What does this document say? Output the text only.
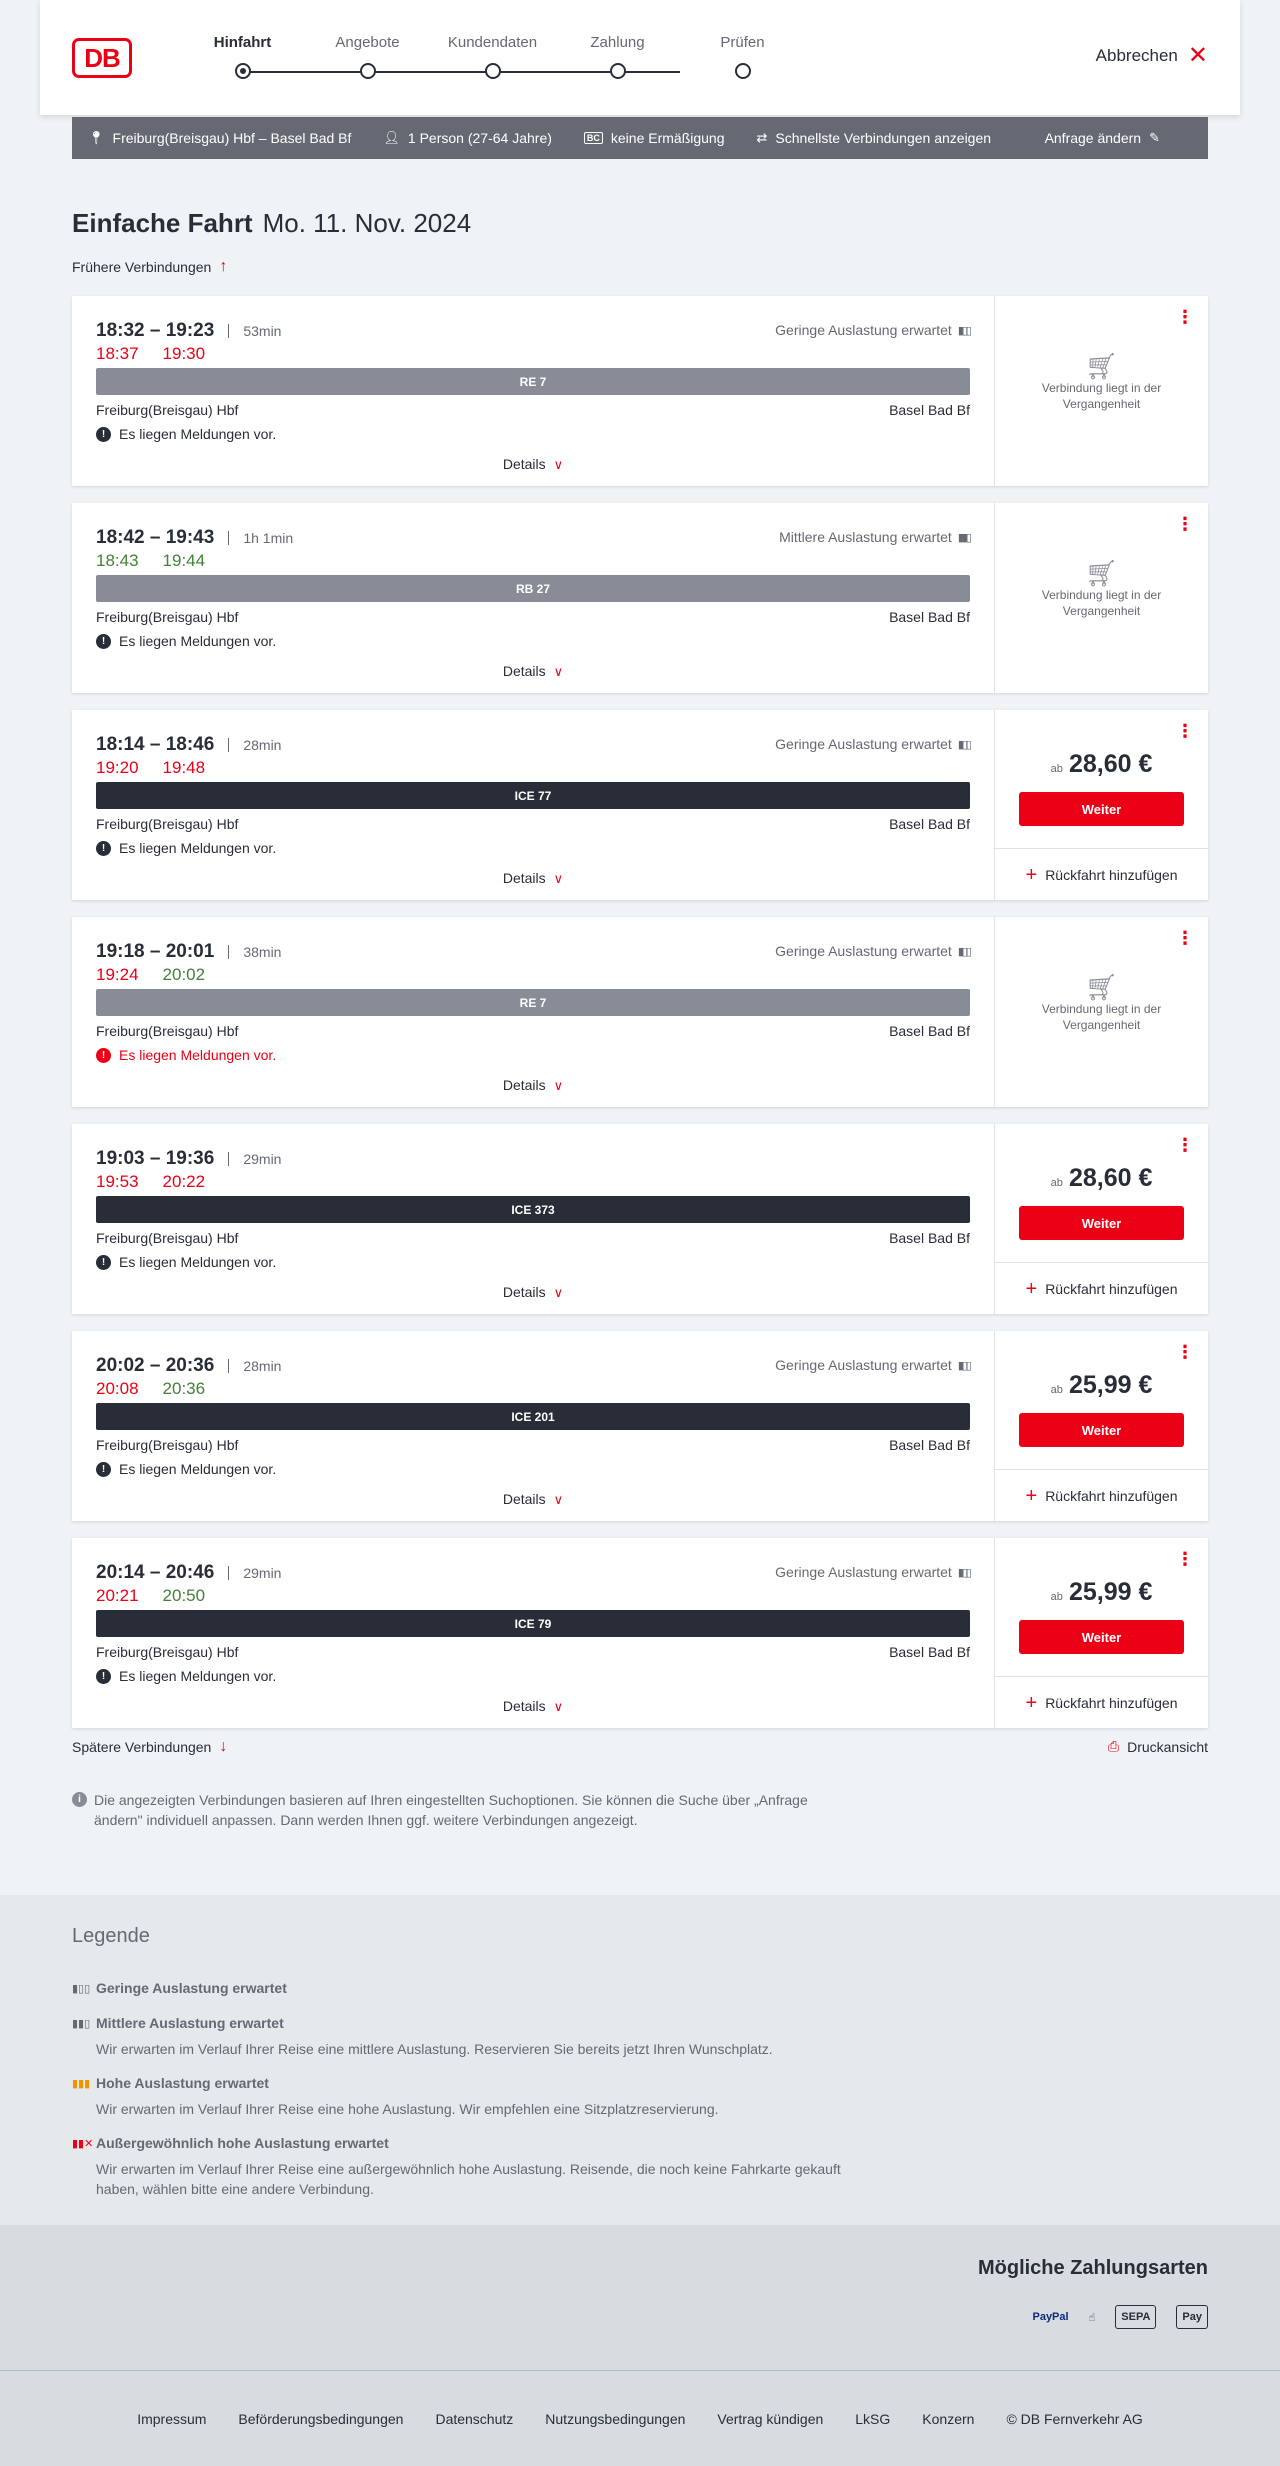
DB	Hinfahrt	Angebote	Kundendaten	Zahlung	Prüfen
Abbrechen ✕
📍︎ Freiburg(Breisgau) Hbf – Basel Bad Bf 👤︎ 1 Person (27-64 Jahre)	BC keine Ermäßigung ⇄ Schnellste Verbindungen anzeigen	Anfrage ändern ✎
Einfache Fahrt Mo. 11. Nov. 2024
Frühere Verbindungen ↑
18:32 – 19:23	53min
18:37 19:30
Geringe Auslastung erwartet ▮▯▯
RE 7
Freiburg(Breisgau) Hbf	Basel Bad Bf
! Es liegen Meldungen vor.
Details ∨
⋮
🛒︎
Verbindung liegt in der Vergangenheit
18:42 – 19:43	1h 1min
18:43 19:44
Mittlere Auslastung erwartet ▮▮▯
RB 27
Freiburg(Breisgau) Hbf	Basel Bad Bf
! Es liegen Meldungen vor.
Details ∨
⋮
🛒︎
Verbindung liegt in der Vergangenheit
18:14 – 18:46	28min
19:20 19:48
Geringe Auslastung erwartet ▮▯▯
ICE 77
Freiburg(Breisgau) Hbf	Basel Bad Bf
! Es liegen Meldungen vor.
Details ∨
⋮
ab 28,60 €
Weiter
+ Rückfahrt hinzufügen
19:18 – 20:01	38min
19:24 20:02
Geringe Auslastung erwartet ▮▯▯
RE 7
Freiburg(Breisgau) Hbf	Basel Bad Bf
! Es liegen Meldungen vor.
Details ∨
⋮
🛒︎
Verbindung liegt in der Vergangenheit
19:03 – 19:36	29min
19:53 20:22
ICE 373
Freiburg(Breisgau) Hbf	Basel Bad Bf
! Es liegen Meldungen vor.
Details ∨
⋮
ab 28,60 €
Weiter
+ Rückfahrt hinzufügen
20:02 – 20:36	28min
20:08 20:36
Geringe Auslastung erwartet ▮▯▯
ICE 201
Freiburg(Breisgau) Hbf	Basel Bad Bf
! Es liegen Meldungen vor.
Details ∨
⋮
ab 25,99 €
Weiter
+ Rückfahrt hinzufügen
20:14 – 20:46	29min
20:21 20:50
Geringe Auslastung erwartet ▮▯▯
ICE 79
Freiburg(Breisgau) Hbf	Basel Bad Bf
! Es liegen Meldungen vor.
Details ∨
⋮
ab 25,99 €
Weiter
+ Rückfahrt hinzufügen
Spätere Verbindungen ↓	⎙ Druckansicht
i Die angezeigten Verbindungen basieren auf Ihren eingestellten Suchoptionen. Sie können die Suche über „Anfrage ändern" individuell anpassen. Dann werden Ihnen ggf. weitere Verbindungen angezeigt.
Legende
▮▯▯ Geringe Auslastung erwartet
▮▮▯ Mittlere Auslastung erwartet
Wir erwarten im Verlauf Ihrer Reise eine mittlere Auslastung. Reservieren Sie bereits jetzt Ihren Wunschplatz.
▮▮▮ Hohe Auslastung erwartet
Wir erwarten im Verlauf Ihrer Reise eine hohe Auslastung. Wir empfehlen eine Sitzplatzreservierung.
▮▮✕ Außergewöhnlich hohe Auslastung erwartet
Wir erwarten im Verlauf Ihrer Reise eine außergewöhnlich hohe Auslastung. Reisende, die noch keine Fahrkarte gekauft haben, wählen bitte eine andere Verbindung.
Mögliche Zahlungsarten
PayPal ☝︎	SEPA	Pay
Impressum Beförderungsbedingungen Datenschutz Nutzungsbedingungen Vertrag kündigen LkSG Konzern © DB Fernverkehr AG
